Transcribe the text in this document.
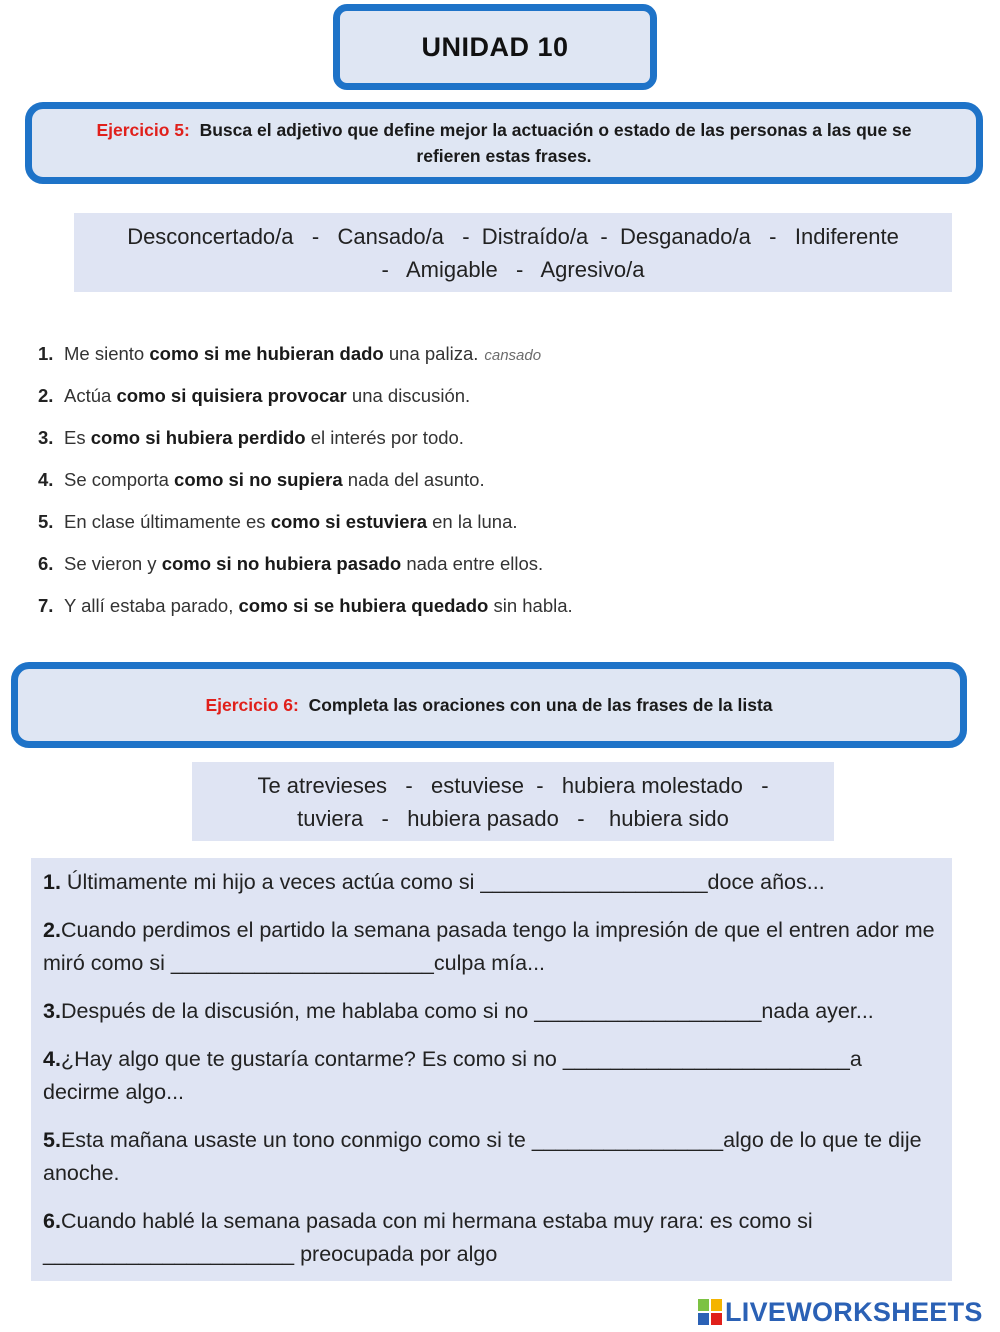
UNIDAD 10
Ejercicio 5: Busca el adjetivo que define mejor la actuación o estado de las personas a las que se
refieren estas frases.
Desconcertado/a   -   Cansado/a   -  Distraído/a  -  Desganado/a   -   Indiferente
-   Amigable   -   Agresivo/a
1. Me siento como si me hubieran dado una paliza. cansado
2. Actúa como si quisiera provocar una discusión.
3. Es como si hubiera perdido el interés por todo.
4. Se comporta como si no supiera nada del asunto.
5. En clase últimamente es como si estuviera en la luna.
6. Se vieron y como si no hubiera pasado nada entre ellos.
7. Y allí estaba parado, como si se hubiera quedado sin habla.
Ejercicio 6: Completa las oraciones con una de las frases de la lista
Te atrevieses   -   estuviese  -   hubiera molestado   -
tuviera   -   hubiera pasado   -    hubiera sido
1. Últimamente mi hijo a veces actúa como si ___________________doce años...
2.Cuando perdimos el partido la semana pasada tengo la impresión de que el entren ador me miró como si ______________________culpa mía...
3.Después de la discusión, me hablaba como si no ___________________nada ayer...
4.¿Hay algo que te gustaría contarme? Es como si no ________________________a decirme algo...
5.Esta mañana usaste un tono conmigo como si te ________________algo de lo que te dije anoche.
6.Cuando hablé la semana pasada con mi hermana estaba muy rara: es como si _____________________ preocupada por algo
LIVEWORKSHEETS
